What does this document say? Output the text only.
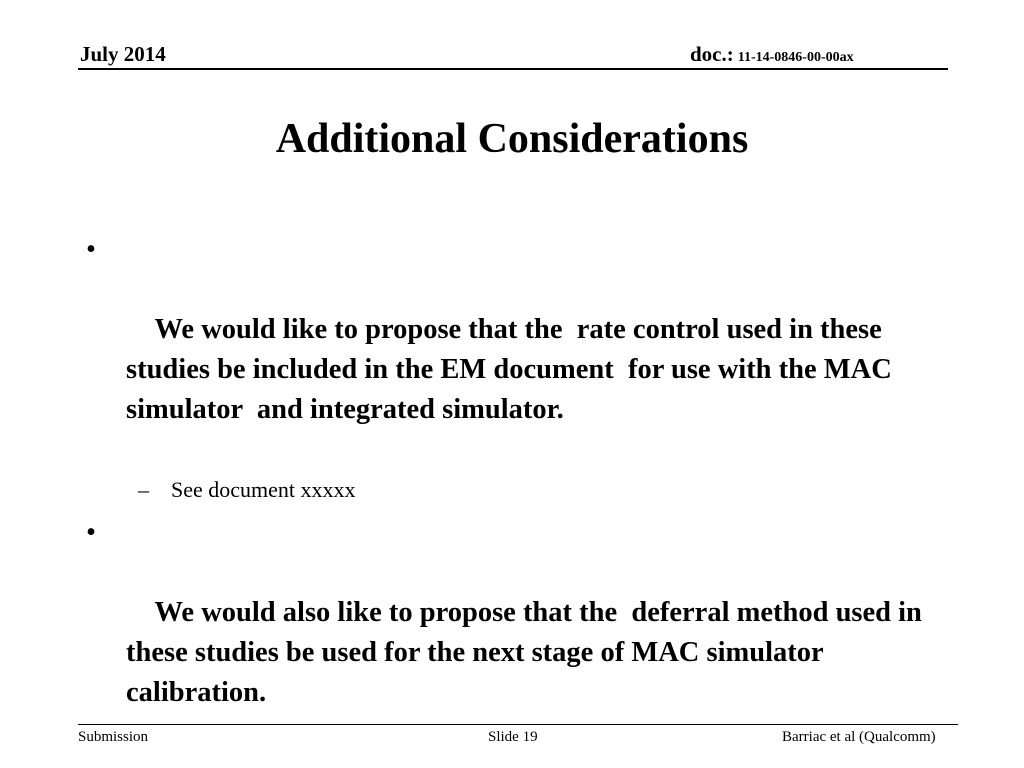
July 2014	doc.: 11-14-0846-00-00ax
Additional Considerations

•

We would like to propose that the  rate control used in these studies be included in the EM document  for use with the MAC simulator  and integrated simulator.

– See document xxxxx

•

We would also like to propose that the  deferral method used in these studies be used for the next stage of MAC simulator calibration.

Submission	Slide 19	Barriac et al (Qualcomm)
